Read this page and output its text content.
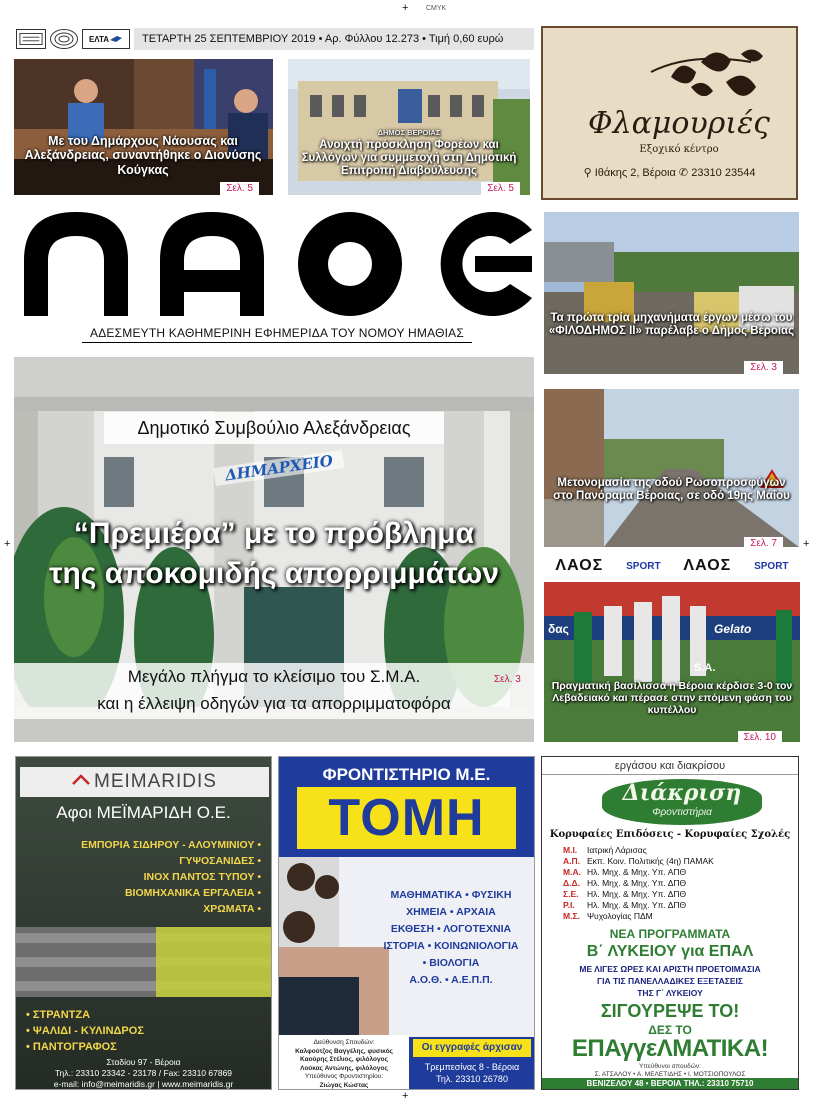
+	CMYK
+	+
+
ΕΛΤΑ	ΤΕΤΑΡΤΗ 25 ΣΕΠΤΕΜΒΡΙΟΥ 2019 • Αρ. Φύλλου 12.273 • Τιμή 0,60 ευρώ
Με του Δημάρχους Νάουσας και Αλεξάνδρειας, συναντήθηκε ο Διονύσης Κούγκας
Σελ. 5
ΔΗΜΟΣ ΒΕΡΟΙΑΣ
Ανοιχτή πρόσκληση Φορέων και Συλλόγων για συμμετοχή στη Δημοτική Επιτροπή Διαβούλευσης
Σελ. 5
Φλαμουριές
Εξοχικό κέντρο
⚲ Ιθάκης 2, Βέροια ✆ 23310 23544
ΑΔΕΣΜΕΥΤΗ ΚΑΘΗΜΕΡΙΝΗ ΕΦΗΜΕΡΙΔΑ ΤΟΥ ΝΟΜΟΥ ΗΜΑΘΙΑΣ
Δημοτικό Συμβούλιο Αλεξάνδρειας
ΔΗΜΑΡΧΕΙΟ
“Πρεμιέρα” με το πρόβλημα
της αποκομιδής απορριμμάτων
Μεγάλο πλήγμα το κλείσιμο του Σ.Μ.Α.
και η έλλειψη οδηγών για τα απορριμματοφόρα
Σελ. 3
Τα πρώτα τρία μηχανήματα έργων μέσω του «ΦΙΛΟΔΗΜΟΣ ΙΙ» παρέλαβε ο Δήμος Βέροιας
Σελ. 3
Μετονομασία της οδού Ρωσοπροσφύγων στο Πανόραμα Βέροιας, σε οδό 19ης Μαΐου
Σελ. 7
ΛΑΟΣ SPORT ΛΑΟΣ SPORT
δας	Gelato
S.A.
Πραγματική βασίλισσα η Βέροια κέρδισε 3-0 τον Λεβαδειακό και πέρασε στην επόμενη φάση του κυπέλλου
Σελ. 10
MEIMARIDIS
Αφοι ΜΕΪΜΑΡΙΔΗ Ο.Ε.
ΕΜΠΟΡΙΑ ΣΙΔΗΡΟΥ - ΑΛΟΥΜΙΝΙΟΥ •
ΓΥΨΟΣΑΝΙΔΕΣ •
ΙΝΟΧ ΠΑΝΤΟΣ ΤΥΠΟΥ •
ΒΙΟΜΗΧΑΝΙΚΑ ΕΡΓΑΛΕΙΑ •
ΧΡΩΜΑΤΑ •
• ΣΤΡΑΝΤΖΑ
• ΨΑΛΙΔΙ - ΚΥΛΙΝΔΡΟΣ
• ΠΑΝΤΟΓΡΑΦΟΣ
Σταδίου 97 - Βέροια
Τηλ.: 23310 23342 - 23178 / Fax: 23310 67869
e-mail: info@meimaridis.gr | www.meimaridis.gr
ΦΡΟΝΤΙΣΤΗΡΙΟ Μ.Ε.
ΤΟΜΗ
ΜΑΘΗΜΑΤΙΚΑ • ΦΥΣΙΚΗ
ΧΗΜΕΙΑ • ΑΡΧΑΙΑ
ΕΚΘΕΣΗ • ΛΟΓΟΤΕΧΝΙΑ
ΙΣΤΟΡΙΑ • ΚΟΙΝΩΝΙΟΛΟΓΙΑ
• ΒΙΟΛΟΓΙΑ
Α.Ο.Θ. • Α.Ε.Π.Π.
Διεύθυνση Σπουδών:
Καλφούτζος Βαγγέλης, φυσικός
Καούρης Στέλιος, φιλόλογος
Λούκας Αντώνης, φιλόλογος
Υπεύθυνος Φροντιστηρίου:
Ζιώγας Κώστας
Οι εγγραφές άρχισαν
Τρεμπεσίνας 8 - Βέροια
Τηλ. 23310 26780
εργάσου και διακρίσου
Διάκριση
Φροντιστήρια
Κορυφαίες Επιδόσεις - Κορυφαίες Σχολές
Μ.Ι.	Ιατρική Λάρισας
Α.Π.	Εκπ. Κοιν. Πολιτικής (4η) ΠΑΜΑΚ
Μ.Α.	Ηλ. Μηχ. & Μηχ. Υπ. ΑΠΘ
Δ.Δ.	Ηλ. Μηχ. & Μηχ. Υπ. ΔΠΘ
Σ.Ε.	Ηλ. Μηχ. & Μηχ. Υπ. ΔΠΘ
Ρ.Ι.	Ηλ. Μηχ. & Μηχ. Υπ. ΔΠΘ
Μ.Σ.	Ψυχολογίας ΠΔΜ
ΝΕΑ ΠΡΟΓΡΑΜΜΑΤΑ
Β΄ ΛΥΚΕΙΟΥ για ΕΠΑΛ
ΜΕ ΛΙΓΕΣ ΩΡΕΣ ΚΑΙ ΑΡΙΣΤΗ ΠΡΟΕΤΟΙΜΑΣΙΑ
ΓΙΑ ΤΙΣ ΠΑΝΕΛΛΑΔΙΚΕΣ ΕΞΕΤΑΣΕΙΣ
ΤΗΣ Γ΄ ΛΥΚΕΙΟΥ
ΣΙΓΟΥΡΕΨΕ ΤΟ!
ΔΕΣ ΤΟ
ΕΠΑγγεΛΜΑΤΙΚΑ!
Υπεύθυνοι σπουδών:
Σ. ΑΤΣΑΛΟΥ • Α. ΜΕΛΕΤΙΔΗΣ • Ι. ΜΟΤΣΙΟΠΟΥΛΟΣ
ΒΕΝΙΖΕΛΟΥ 48 • ΒΕΡΟΙΑ ΤΗΛ.: 23310 75710
